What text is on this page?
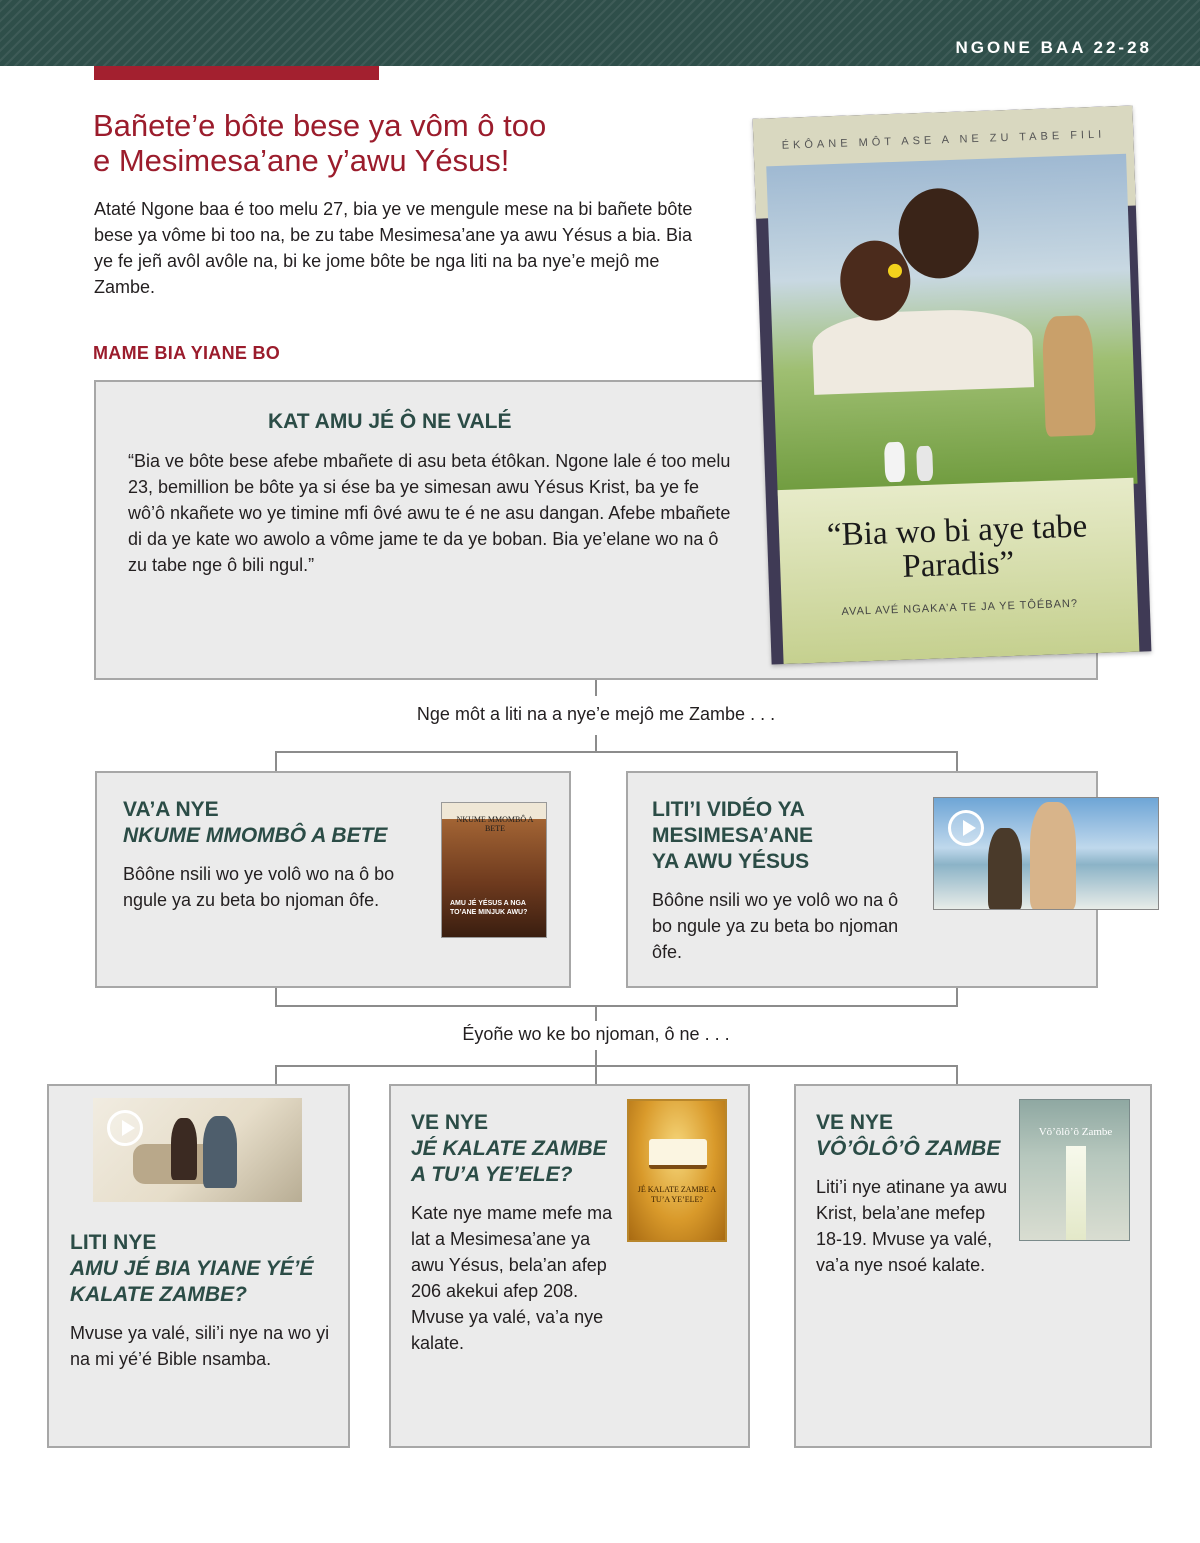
NGONE BAA 22-28
Bañete’e bôte bese ya vôm ô too
e Mesimesa’ane y’awu Yésus!

Ataté Ngone baa é too melu 27, bia ye ve mengule mese na bi bañete bôte bese ya vôme bi too na, be zu tabe Mesimesa’ane ya awu Yésus a bia. Bia ye fe jeñ avôl avôle na, bi ke jome bôte be nga liti na ba nye’e mejô me Zambe.

MAME BIA YIANE BO
KAT AMU JÉ Ô NE VALÉ

“Bia ve bôte bese afebe mbañete di asu beta étôkan. Ngone lale é too melu 23, bemillion be bôte ya si ése ba ye simesan awu Yésus Krist, ba ye fe wô’ô nkañete wo ye timine mfi ôvé awu te é ne asu dangan. Afebe mbañete di da ye kate wo awolo a vôme jame te da ye boban. Bia ye’elane wo na ô zu tabe nge ô bili ngul.”

ÉKÔANE MÔT ASE A NE ZU TABE FILI
“Bia wo bi aye tabe
Paradis”
AVAL AVÉ NGAKA’A TE JA YE TÔÉBAN?
Nge môt a liti na a nye’e mejô me Zambe . . .
VA’A NYE
NKUME MMOMBÔ A BETE

Bôône nsili wo ye volô wo na ô bo ngule ya zu beta bo njoman ôfe.

NKUME MMOMBÔ A BETE
AMU JÉ YÉSUS A NGA TO’ANE MINJUK AWU?
LITI’I VIDÉO YA
MESIMESA’ANE
YA AWU YÉSUS

Bôône nsili wo ye volô wo na ô bo ngule ya zu beta bo njoman ôfe.

Éyoñe wo ke bo njoman, ô ne . . .
LITI NYE
AMU JÉ BIA YIANE YÉ’É
KALATE ZAMBE?

Mvuse ya valé, sili’i nye na wo yi na mi yé’é Bible nsamba.

VE NYE
JÉ KALATE ZAMBE
A TU’A YE’ELE?

Kate nye mame mefe ma lat a Mesimesa’ane ya awu Yésus, bela’an afep 206 akekui afep 208. Mvuse ya valé, va’a nye kalate.

JÉ KALATE ZAMBE A TU’A YE’ELE?
VE NYE
VÔ’ÔLÔ’Ô ZAMBE

Liti’i nye atinane ya awu Krist, bela’ane mefep 18-19. Mvuse ya valé, va’a nye nsoé kalate.

Vô’ôlô’ô Zambe
